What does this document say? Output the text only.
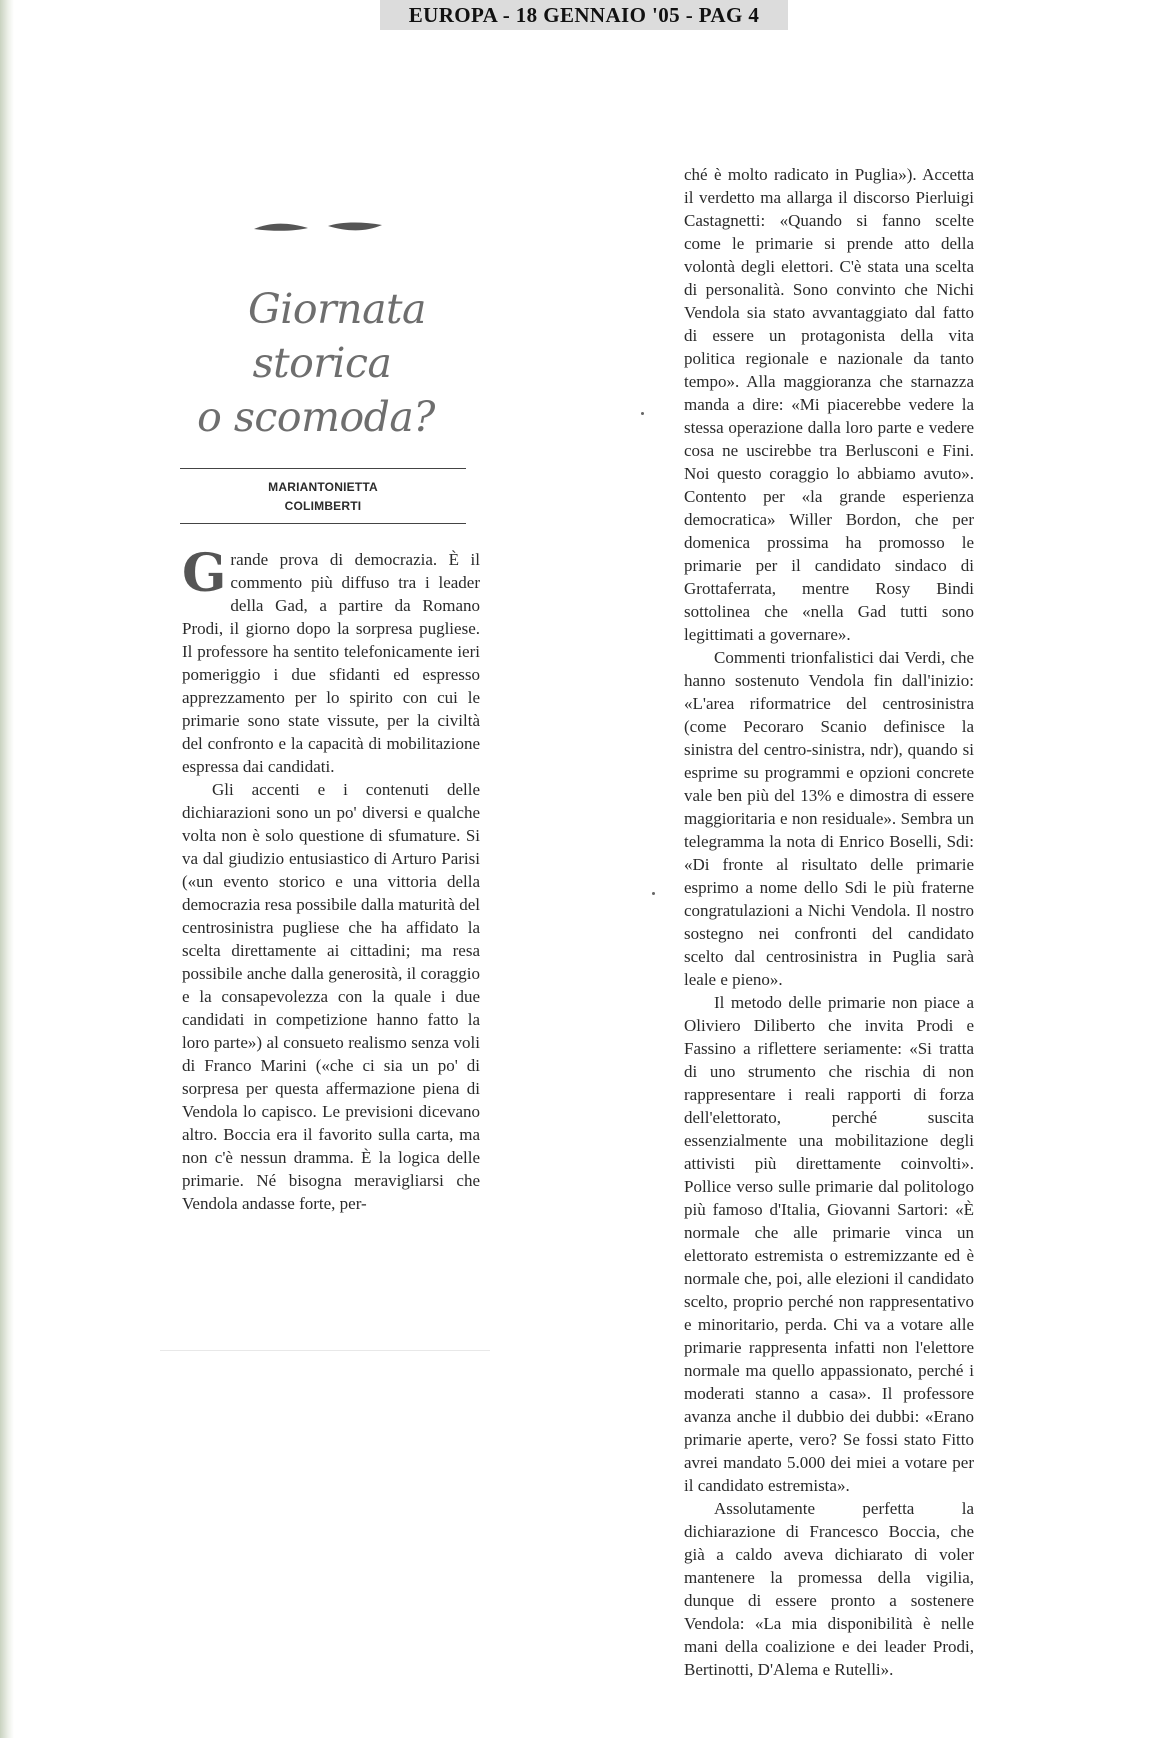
EUROPA - 18 GENNAIO '05 - PAG 4
Giornata
storica
o scomoda?
MARIANTONIETTA
COLIMBERTI

Grande prova di democrazia. È il commento più diffuso tra i leader della Gad, a partire da Romano Prodi, il giorno dopo la sorpresa pugliese. Il professore ha sentito telefonicamente ieri pomeriggio i due sfidanti ed espresso apprezzamento per lo spirito con cui le primarie sono state vissute, per la civiltà del confronto e la capacità di mobilitazione espressa dai candidati.

Gli accenti e i contenuti delle dichiarazioni sono un po' diversi e qualche volta non è solo questione di sfumature. Si va dal giudizio entusiastico di Arturo Parisi («un evento storico e una vittoria della democrazia resa possibile dalla maturità del centrosinistra pugliese che ha affidato la scelta direttamente ai cittadini; ma resa possibile anche dalla generosità, il coraggio e la consapevolezza con la quale i due candidati in competizione hanno fatto la loro parte») al consueto realismo senza voli di Franco Marini («che ci sia un po' di sorpresa per questa affermazione piena di Vendola lo capisco. Le previsioni dicevano altro. Boccia era il favorito sulla carta, ma non c'è nessun dramma. È la logica delle primarie. Né bisogna meravigliarsi che Vendola andasse forte, per-

ché è molto radicato in Puglia»). Accetta il verdetto ma allarga il discorso Pierluigi Castagnetti: «Quando si fanno scelte come le primarie si prende atto della volontà degli elettori. C'è stata una scelta di personalità. Sono convinto che Nichi Vendola sia stato avvantaggiato dal fatto di essere un protagonista della vita politica regionale e nazionale da tanto tempo». Alla maggioranza che starnazza manda a dire: «Mi piacerebbe vedere la stessa operazione dalla loro parte e vedere cosa ne uscirebbe tra Berlusconi e Fini. Noi questo coraggio lo abbiamo avuto». Contento per «la grande esperienza democratica» Willer Bordon, che per domenica prossima ha promosso le primarie per il candidato sindaco di Grottaferrata, mentre Rosy Bindi sottolinea che «nella Gad tutti sono legittimati a governare».

Commenti trionfalistici dai Verdi, che hanno sostenuto Vendola fin dall'inizio: «L'area riformatrice del centrosinistra (come Pecoraro Scanio definisce la sinistra del centro-sinistra, ndr), quando si esprime su programmi e opzioni concrete vale ben più del 13% e dimostra di essere maggioritaria e non residuale». Sembra un telegramma la nota di Enrico Boselli, Sdi: «Di fronte al risultato delle primarie esprimo a nome dello Sdi le più fraterne congratulazioni a Nichi Vendola. Il nostro sostegno nei confronti del candidato scelto dal centrosinistra in Puglia sarà leale e pieno».

Il metodo delle primarie non piace a Oliviero Diliberto che invita Prodi e Fassino a riflettere seriamente: «Si tratta di uno strumento che rischia di non rappresentare i reali rapporti di forza dell'elettorato, perché suscita essenzialmente una mobilitazione degli attivisti più direttamente coinvolti». Pollice verso sulle primarie dal politologo più famoso d'Italia, Giovanni Sartori: «È normale che alle primarie vinca un elettorato estremista o estremizzante ed è normale che, poi, alle elezioni il candidato scelto, proprio perché non rappresentativo e minoritario, perda. Chi va a votare alle primarie rappresenta infatti non l'elettore normale ma quello appassionato, perché i moderati stanno a casa». Il professore avanza anche il dubbio dei dubbi: «Erano primarie aperte, vero? Se fossi stato Fitto avrei mandato 5.000 dei miei a votare per il candidato estremista».

Assolutamente perfetta la dichiarazione di Francesco Boccia, che già a caldo aveva dichiarato di voler mantenere la promessa della vigilia, dunque di essere pronto a sostenere Vendola: «La mia disponibilità è nelle mani della coalizione e dei leader Prodi, Bertinotti, D'Alema e Rutelli».
